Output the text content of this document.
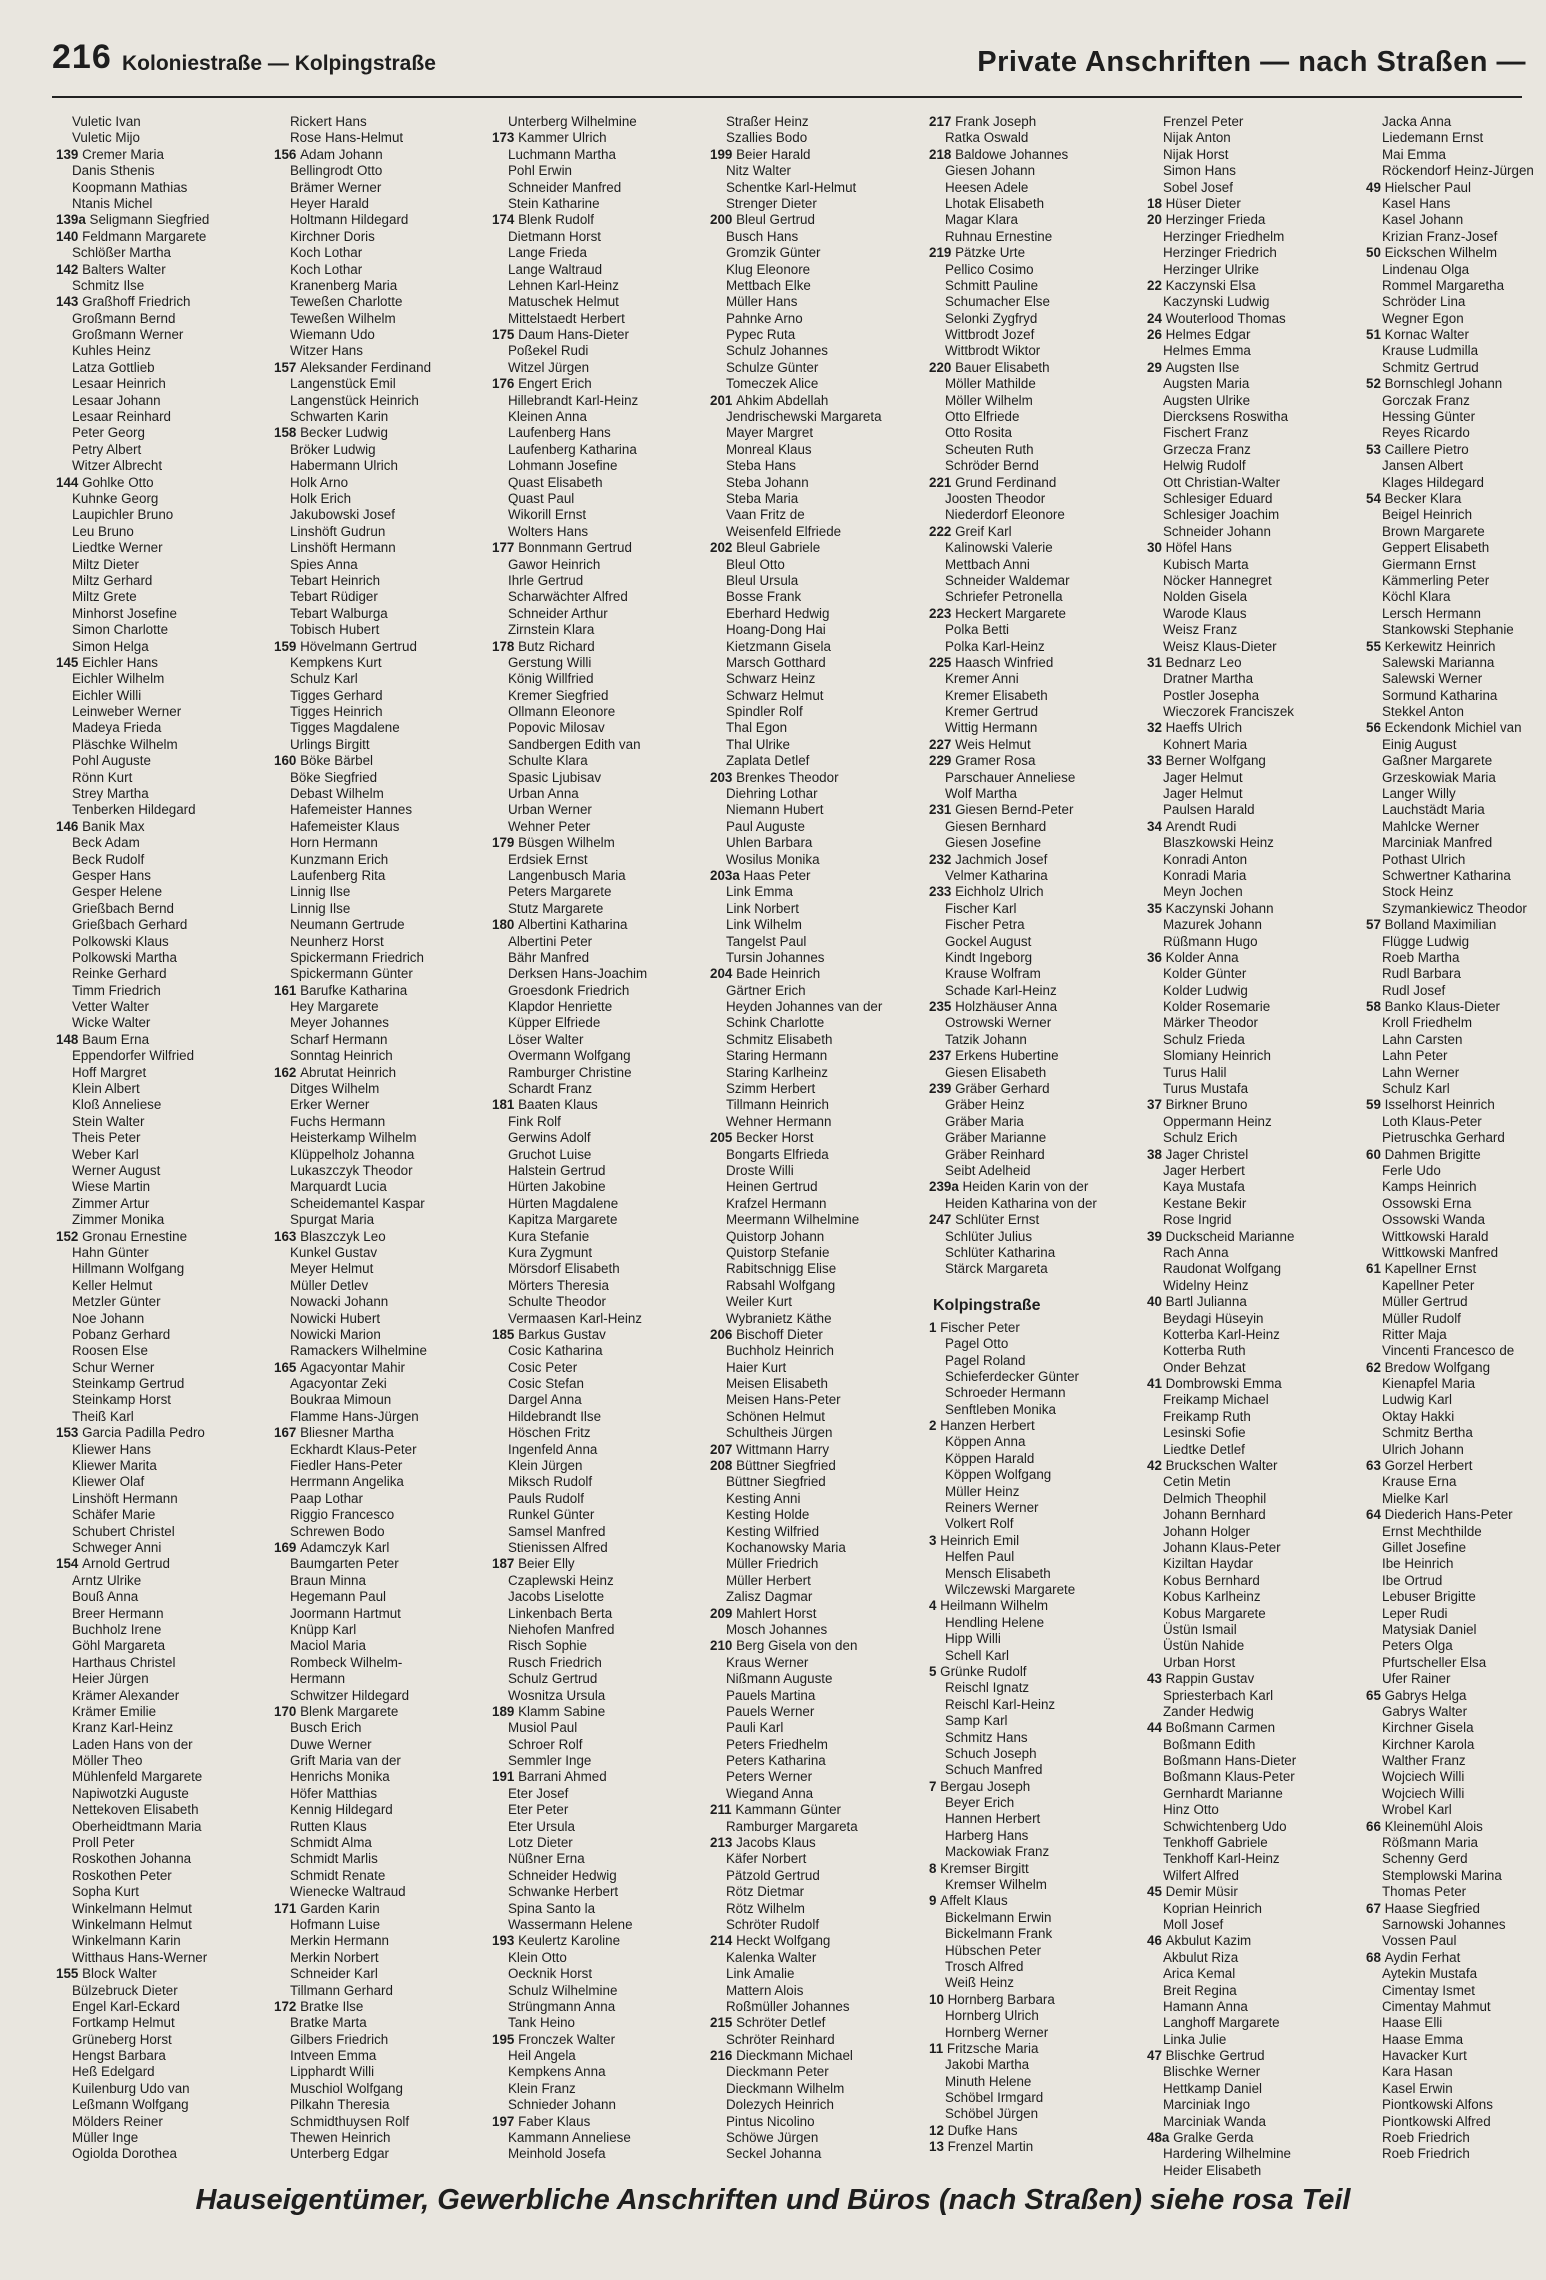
216 Koloniestraße — Kolpingstraße	Private Anschriften — nach Straßen —
Vuletic Ivan
Vuletic Mijo
139 Cremer Maria
Danis Sthenis
Koopmann Mathias
Ntanis Michel
139a Seligmann Siegfried
140 Feldmann Margarete
Schlößer Martha
142 Balters Walter
Schmitz Ilse
143 Graßhoff Friedrich
Großmann Bernd
Großmann Werner
Kuhles Heinz
Latza Gottlieb
Lesaar Heinrich
Lesaar Johann
Lesaar Reinhard
Peter Georg
Petry Albert
Witzer Albrecht
144 Gohlke Otto
Kuhnke Georg
Laupichler Bruno
Leu Bruno
Liedtke Werner
Miltz Dieter
Miltz Gerhard
Miltz Grete
Minhorst Josefine
Simon Charlotte
Simon Helga
145 Eichler Hans
Eichler Wilhelm
Eichler Willi
Leinweber Werner
Madeya Frieda
Pläschke Wilhelm
Pohl Auguste
Rönn Kurt
Strey Martha
Tenberken Hildegard
146 Banik Max
Beck Adam
Beck Rudolf
Gesper Hans
Gesper Helene
Grießbach Bernd
Grießbach Gerhard
Polkowski Klaus
Polkowski Martha
Reinke Gerhard
Timm Friedrich
Vetter Walter
Wicke Walter
148 Baum Erna
Eppendorfer Wilfried
Hoff Margret
Klein Albert
Kloß Anneliese
Stein Walter
Theis Peter
Weber Karl
Werner August
Wiese Martin
Zimmer Artur
Zimmer Monika
152 Gronau Ernestine
Hahn Günter
Hillmann Wolfgang
Keller Helmut
Metzler Günter
Noe Johann
Pobanz Gerhard
Roosen Else
Schur Werner
Steinkamp Gertrud
Steinkamp Horst
Theiß Karl
153 Garcia Padilla Pedro
Kliewer Hans
Kliewer Marita
Kliewer Olaf
Linshöft Hermann
Schäfer Marie
Schubert Christel
Schweger Anni
154 Arnold Gertrud
Arntz Ulrike
Bouß Anna
Breer Hermann
Buchholz Irene
Göhl Margareta
Harthaus Christel
Heier Jürgen
Krämer Alexander
Krämer Emilie
Kranz Karl-Heinz
Laden Hans von der
Möller Theo
Mühlenfeld Margarete
Napiwotzki Auguste
Nettekoven Elisabeth
Oberheidtmann Maria
Proll Peter
Roskothen Johanna
Roskothen Peter
Sopha Kurt
Winkelmann Helmut
Winkelmann Helmut
Winkelmann Karin
Witthaus Hans-Werner
155 Block Walter
Bülzebruck Dieter
Engel Karl-Eckard
Fortkamp Helmut
Grüneberg Horst
Hengst Barbara
Heß Edelgard
Kuilenburg Udo van
Leßmann Wolfgang
Mölders Reiner
Müller Inge
Ogiolda Dorothea
Rickert Hans
Rose Hans-Helmut
156 Adam Johann
Bellingrodt Otto
Brämer Werner
Heyer Harald
Holtmann Hildegard
Kirchner Doris
Koch Lothar
Koch Lothar
Kranenberg Maria
Teweßen Charlotte
Teweßen Wilhelm
Wiemann Udo
Witzer Hans
157 Aleksander Ferdinand
Langenstück Emil
Langenstück Heinrich
Schwarten Karin
158 Becker Ludwig
Bröker Ludwig
Habermann Ulrich
Holk Arno
Holk Erich
Jakubowski Josef
Linshöft Gudrun
Linshöft Hermann
Spies Anna
Tebart Heinrich
Tebart Rüdiger
Tebart Walburga
Tobisch Hubert
159 Hövelmann Gertrud
Kempkens Kurt
Schulz Karl
Tigges Gerhard
Tigges Heinrich
Tigges Magdalene
Urlings Birgitt
160 Böke Bärbel
Böke Siegfried
Debast Wilhelm
Hafemeister Hannes
Hafemeister Klaus
Horn Hermann
Kunzmann Erich
Laufenberg Rita
Linnig Ilse
Linnig Ilse
Neumann Gertrude
Neunherz Horst
Spickermann Friedrich
Spickermann Günter
161 Barufke Katharina
Hey Margarete
Meyer Johannes
Scharf Hermann
Sonntag Heinrich
162 Abrutat Heinrich
Ditges Wilhelm
Erker Werner
Fuchs Hermann
Heisterkamp Wilhelm
Klüppelholz Johanna
Lukaszczyk Theodor
Marquardt Lucia
Scheidemantel Kaspar
Spurgat Maria
163 Blaszczyk Leo
Kunkel Gustav
Meyer Helmut
Müller Detlev
Nowacki Johann
Nowicki Hubert
Nowicki Marion
Ramackers Wilhelmine
165 Agacyontar Mahir
Agacyontar Zeki
Boukraa Mimoun
Flamme Hans-Jürgen
167 Bliesner Martha
Eckhardt Klaus-Peter
Fiedler Hans-Peter
Herrmann Angelika
Paap Lothar
Riggio Francesco
Schrewen Bodo
169 Adamczyk Karl
Baumgarten Peter
Braun Minna
Hegemann Paul
Joormann Hartmut
Knüpp Karl
Maciol Maria
Rombeck Wilhelm-
Hermann
Schwitzer Hildegard
170 Blenk Margarete
Busch Erich
Duwe Werner
Grift Maria van der
Henrichs Monika
Höfer Matthias
Kennig Hildegard
Rutten Klaus
Schmidt Alma
Schmidt Marlis
Schmidt Renate
Wienecke Waltraud
171 Garden Karin
Hofmann Luise
Merkin Hermann
Merkin Norbert
Schneider Karl
Tillmann Gerhard
172 Bratke Ilse
Bratke Marta
Gilbers Friedrich
Intveen Emma
Lipphardt Willi
Muschiol Wolfgang
Pilkahn Theresia
Schmidthuysen Rolf
Thewen Heinrich
Unterberg Edgar
Unterberg Wilhelmine
173 Kammer Ulrich
Luchmann Martha
Pohl Erwin
Schneider Manfred
Stein Katharine
174 Blenk Rudolf
Dietmann Horst
Lange Frieda
Lange Waltraud
Lehnen Karl-Heinz
Matuschek Helmut
Mittelstaedt Herbert
175 Daum Hans-Dieter
Poßekel Rudi
Witzel Jürgen
176 Engert Erich
Hillebrandt Karl-Heinz
Kleinen Anna
Laufenberg Hans
Laufenberg Katharina
Lohmann Josefine
Quast Elisabeth
Quast Paul
Wikorill Ernst
Wolters Hans
177 Bonnmann Gertrud
Gawor Heinrich
Ihrle Gertrud
Scharwächter Alfred
Schneider Arthur
Zirnstein Klara
178 Butz Richard
Gerstung Willi
König Willfried
Kremer Siegfried
Ollmann Eleonore
Popovic Milosav
Sandbergen Edith van
Schulte Klara
Spasic Ljubisav
Urban Anna
Urban Werner
Wehner Peter
179 Büsgen Wilhelm
Erdsiek Ernst
Langenbusch Maria
Peters Margarete
Stutz Margarete
180 Albertini Katharina
Albertini Peter
Bähr Manfred
Derksen Hans-Joachim
Groesdonk Friedrich
Klapdor Henriette
Küpper Elfriede
Löser Walter
Overmann Wolfgang
Ramburger Christine
Schardt Franz
181 Baaten Klaus
Fink Rolf
Gerwins Adolf
Gruchot Luise
Halstein Gertrud
Hürten Jakobine
Hürten Magdalene
Kapitza Margarete
Kura Stefanie
Kura Zygmunt
Mörsdorf Elisabeth
Mörters Theresia
Schulte Theodor
Vermaasen Karl-Heinz
185 Barkus Gustav
Cosic Katharina
Cosic Peter
Cosic Stefan
Dargel Anna
Hildebrandt Ilse
Höschen Fritz
Ingenfeld Anna
Klein Jürgen
Miksch Rudolf
Pauls Rudolf
Runkel Günter
Samsel Manfred
Stienissen Alfred
187 Beier Elly
Czaplewski Heinz
Jacobs Liselotte
Linkenbach Berta
Niehofen Manfred
Risch Sophie
Rusch Friedrich
Schulz Gertrud
Wosnitza Ursula
189 Klamm Sabine
Musiol Paul
Schroer Rolf
Semmler Inge
191 Barrani Ahmed
Eter Josef
Eter Peter
Eter Ursula
Lotz Dieter
Nüßner Erna
Schneider Hedwig
Schwanke Herbert
Spina Santo la
Wassermann Helene
193 Keulertz Karoline
Klein Otto
Oecknik Horst
Schulz Wilhelmine
Strüngmann Anna
Tank Heino
195 Fronczek Walter
Heil Angela
Kempkens Anna
Klein Franz
Schnieder Johann
197 Faber Klaus
Kammann Anneliese
Meinhold Josefa
Straßer Heinz
Szallies Bodo
199 Beier Harald
Nitz Walter
Schentke Karl-Helmut
Strenger Dieter
200 Bleul Gertrud
Busch Hans
Gromzik Günter
Klug Eleonore
Mettbach Elke
Müller Hans
Pahnke Arno
Pypec Ruta
Schulz Johannes
Schulze Günter
Tomeczek Alice
201 Ahkim Abdellah
Jendrischewski Margareta
Mayer Margret
Monreal Klaus
Steba Hans
Steba Johann
Steba Maria
Vaan Fritz de
Weisenfeld Elfriede
202 Bleul Gabriele
Bleul Otto
Bleul Ursula
Bosse Frank
Eberhard Hedwig
Hoang-Dong Hai
Kietzmann Gisela
Marsch Gotthard
Schwarz Heinz
Schwarz Helmut
Spindler Rolf
Thal Egon
Thal Ulrike
Zaplata Detlef
203 Brenkes Theodor
Diehring Lothar
Niemann Hubert
Paul Auguste
Uhlen Barbara
Wosilus Monika
203a Haas Peter
Link Emma
Link Norbert
Link Wilhelm
Tangelst Paul
Tursin Johannes
204 Bade Heinrich
Gärtner Erich
Heyden Johannes van der
Schink Charlotte
Schmitz Elisabeth
Staring Hermann
Staring Karlheinz
Szimm Herbert
Tillmann Heinrich
Wehner Hermann
205 Becker Horst
Bongarts Elfrieda
Droste Willi
Heinen Gertrud
Krafzel Hermann
Meermann Wilhelmine
Quistorp Johann
Quistorp Stefanie
Rabitschnigg Elise
Rabsahl Wolfgang
Weiler Kurt
Wybranietz Käthe
206 Bischoff Dieter
Buchholz Heinrich
Haier Kurt
Meisen Elisabeth
Meisen Hans-Peter
Schönen Helmut
Schultheis Jürgen
207 Wittmann Harry
208 Büttner Siegfried
Büttner Siegfried
Kesting Anni
Kesting Holde
Kesting Wilfried
Kochanowsky Maria
Müller Friedrich
Müller Herbert
Zalisz Dagmar
209 Mahlert Horst
Mosch Johannes
210 Berg Gisela von den
Kraus Werner
Nißmann Auguste
Pauels Martina
Pauels Werner
Pauli Karl
Peters Friedhelm
Peters Katharina
Peters Werner
Wiegand Anna
211 Kammann Günter
Ramburger Margareta
213 Jacobs Klaus
Käfer Norbert
Pätzold Gertrud
Rötz Dietmar
Rötz Wilhelm
Schröter Rudolf
214 Heckt Wolfgang
Kalenka Walter
Link Amalie
Mattern Alois
Roßmüller Johannes
215 Schröter Detlef
Schröter Reinhard
216 Dieckmann Michael
Dieckmann Peter
Dieckmann Wilhelm
Dolezych Heinrich
Pintus Nicolino
Schöwe Jürgen
Seckel Johanna
217 Frank Joseph
Ratka Oswald
218 Baldowe Johannes
Giesen Johann
Heesen Adele
Lhotak Elisabeth
Magar Klara
Ruhnau Ernestine
219 Pätzke Urte
Pellico Cosimo
Schmitt Pauline
Schumacher Else
Selonki Zygfryd
Wittbrodt Jozef
Wittbrodt Wiktor
220 Bauer Elisabeth
Möller Mathilde
Möller Wilhelm
Otto Elfriede
Otto Rosita
Scheuten Ruth
Schröder Bernd
221 Grund Ferdinand
Joosten Theodor
Niederdorf Eleonore
222 Greif Karl
Kalinowski Valerie
Mettbach Anni
Schneider Waldemar
Schriefer Petronella
223 Heckert Margarete
Polka Betti
Polka Karl-Heinz
225 Haasch Winfried
Kremer Anni
Kremer Elisabeth
Kremer Gertrud
Wittig Hermann
227 Weis Helmut
229 Gramer Rosa
Parschauer Anneliese
Wolf Martha
231 Giesen Bernd-Peter
Giesen Bernhard
Giesen Josefine
232 Jachmich Josef
Velmer Katharina
233 Eichholz Ulrich
Fischer Karl
Fischer Petra
Gockel August
Kindt Ingeborg
Krause Wolfram
Schade Karl-Heinz
235 Holzhäuser Anna
Ostrowski Werner
Tatzik Johann
237 Erkens Hubertine
Giesen Elisabeth
239 Gräber Gerhard
Gräber Heinz
Gräber Maria
Gräber Marianne
Gräber Reinhard
Seibt Adelheid
239a Heiden Karin von der
Heiden Katharina von der
247 Schlüter Ernst
Schlüter Julius
Schlüter Katharina
Stärck Margareta
Kolpingstraße
1 Fischer Peter
Pagel Otto
Pagel Roland
Schieferdecker Günter
Schroeder Hermann
Senftleben Monika
2 Hanzen Herbert
Köppen Anna
Köppen Harald
Köppen Wolfgang
Müller Heinz
Reiners Werner
Volkert Rolf
3 Heinrich Emil
Helfen Paul
Mensch Elisabeth
Wilczewski Margarete
4 Heilmann Wilhelm
Hendling Helene
Hipp Willi
Schell Karl
5 Grünke Rudolf
Reischl Ignatz
Reischl Karl-Heinz
Samp Karl
Schmitz Hans
Schuch Joseph
Schuch Manfred
7 Bergau Joseph
Beyer Erich
Hannen Herbert
Harberg Hans
Mackowiak Franz
8 Kremser Birgitt
Kremser Wilhelm
9 Affelt Klaus
Bickelmann Erwin
Bickelmann Frank
Hübschen Peter
Trosch Alfred
Weiß Heinz
10 Hornberg Barbara
Hornberg Ulrich
Hornberg Werner
11 Fritzsche Maria
Jakobi Martha
Minuth Helene
Schöbel Irmgard
Schöbel Jürgen
12 Dufke Hans
13 Frenzel Martin
Frenzel Peter
Nijak Anton
Nijak Horst
Simon Hans
Sobel Josef
18 Hüser Dieter
20 Herzinger Frieda
Herzinger Friedhelm
Herzinger Friedrich
Herzinger Ulrike
22 Kaczynski Elsa
Kaczynski Ludwig
24 Wouterlood Thomas
26 Helmes Edgar
Helmes Emma
29 Augsten Ilse
Augsten Maria
Augsten Ulrike
Diercksens Roswitha
Fischert Franz
Grzecza Franz
Helwig Rudolf
Ott Christian-Walter
Schlesiger Eduard
Schlesiger Joachim
Schneider Johann
30 Höfel Hans
Kubisch Marta
Nöcker Hannegret
Nolden Gisela
Warode Klaus
Weisz Franz
Weisz Klaus-Dieter
31 Bednarz Leo
Dratner Martha
Postler Josepha
Wieczorek Franciszek
32 Haeffs Ulrich
Kohnert Maria
33 Berner Wolfgang
Jager Helmut
Jager Helmut
Paulsen Harald
34 Arendt Rudi
Blaszkowski Heinz
Konradi Anton
Konradi Maria
Meyn Jochen
35 Kaczynski Johann
Mazurek Johann
Rüßmann Hugo
36 Kolder Anna
Kolder Günter
Kolder Ludwig
Kolder Rosemarie
Märker Theodor
Schulz Frieda
Slomiany Heinrich
Turus Halil
Turus Mustafa
37 Birkner Bruno
Oppermann Heinz
Schulz Erich
38 Jager Christel
Jager Herbert
Kaya Mustafa
Kestane Bekir
Rose Ingrid
39 Duckscheid Marianne
Rach Anna
Raudonat Wolfgang
Widelny Heinz
40 Bartl Julianna
Beydagi Hüseyin
Kotterba Karl-Heinz
Kotterba Ruth
Onder Behzat
41 Dombrowski Emma
Freikamp Michael
Freikamp Ruth
Lesinski Sofie
Liedtke Detlef
42 Bruckschen Walter
Cetin Metin
Delmich Theophil
Johann Bernhard
Johann Holger
Johann Klaus-Peter
Kiziltan Haydar
Kobus Bernhard
Kobus Karlheinz
Kobus Margarete
Üstün Ismail
Üstün Nahide
Urban Horst
43 Rappin Gustav
Spriesterbach Karl
Zander Hedwig
44 Boßmann Carmen
Boßmann Edith
Boßmann Hans-Dieter
Boßmann Klaus-Peter
Gernhardt Marianne
Hinz Otto
Schwichtenberg Udo
Tenkhoff Gabriele
Tenkhoff Karl-Heinz
Wilfert Alfred
45 Demir Müsir
Koprian Heinrich
Moll Josef
46 Akbulut Kazim
Akbulut Riza
Arica Kemal
Breit Regina
Hamann Anna
Langhoff Margarete
Linka Julie
47 Blischke Gertrud
Blischke Werner
Hettkamp Daniel
Marciniak Ingo
Marciniak Wanda
48a Gralke Gerda
Hardering Wilhelmine
Heider Elisabeth
Jacka Anna
Liedemann Ernst
Mai Emma
Röckendorf Heinz-Jürgen
49 Hielscher Paul
Kasel Hans
Kasel Johann
Krizian Franz-Josef
50 Eickschen Wilhelm
Lindenau Olga
Rommel Margaretha
Schröder Lina
Wegner Egon
51 Kornac Walter
Krause Ludmilla
Schmitz Gertrud
52 Bornschlegl Johann
Gorczak Franz
Hessing Günter
Reyes Ricardo
53 Caillere Pietro
Jansen Albert
Klages Hildegard
54 Becker Klara
Beigel Heinrich
Brown Margarete
Geppert Elisabeth
Giermann Ernst
Kämmerling Peter
Köchl Klara
Lersch Hermann
Stankowski Stephanie
55 Kerkewitz Heinrich
Salewski Marianna
Salewski Werner
Sormund Katharina
Stekkel Anton
56 Eckendonk Michiel van
Einig August
Gaßner Margarete
Grzeskowiak Maria
Langer Willy
Lauchstädt Maria
Mahlcke Werner
Marciniak Manfred
Pothast Ulrich
Schwertner Katharina
Stock Heinz
Szymankiewicz Theodor
57 Bolland Maximilian
Flügge Ludwig
Roeb Martha
Rudl Barbara
Rudl Josef
58 Banko Klaus-Dieter
Kroll Friedhelm
Lahn Carsten
Lahn Peter
Lahn Werner
Schulz Karl
59 Isselhorst Heinrich
Loth Klaus-Peter
Pietruschka Gerhard
60 Dahmen Brigitte
Ferle Udo
Kamps Heinrich
Ossowski Erna
Ossowski Wanda
Wittkowski Harald
Wittkowski Manfred
61 Kapellner Ernst
Kapellner Peter
Müller Gertrud
Müller Rudolf
Ritter Maja
Vincenti Francesco de
62 Bredow Wolfgang
Kienapfel Maria
Ludwig Karl
Oktay Hakki
Schmitz Bertha
Ulrich Johann
63 Gorzel Herbert
Krause Erna
Mielke Karl
64 Diederich Hans-Peter
Ernst Mechthilde
Gillet Josefine
Ibe Heinrich
Ibe Ortrud
Lebuser Brigitte
Leper Rudi
Matysiak Daniel
Peters Olga
Pfurtscheller Elsa
Ufer Rainer
65 Gabrys Helga
Gabrys Walter
Kirchner Gisela
Kirchner Karola
Walther Franz
Wojciech Willi
Wojciech Willi
Wrobel Karl
66 Kleinemühl Alois
Rößmann Maria
Schenny Gerd
Stemplowski Marina
Thomas Peter
67 Haase Siegfried
Sarnowski Johannes
Vossen Paul
68 Aydin Ferhat
Aytekin Mustafa
Cimentay Ismet
Cimentay Mahmut
Haase Elli
Haase Emma
Havacker Kurt
Kara Hasan
Kasel Erwin
Piontkowski Alfons
Piontkowski Alfred
Roeb Friedrich
Roeb Friedrich
Hauseigentümer, Gewerbliche Anschriften und Büros (nach Straßen) siehe rosa Teil
